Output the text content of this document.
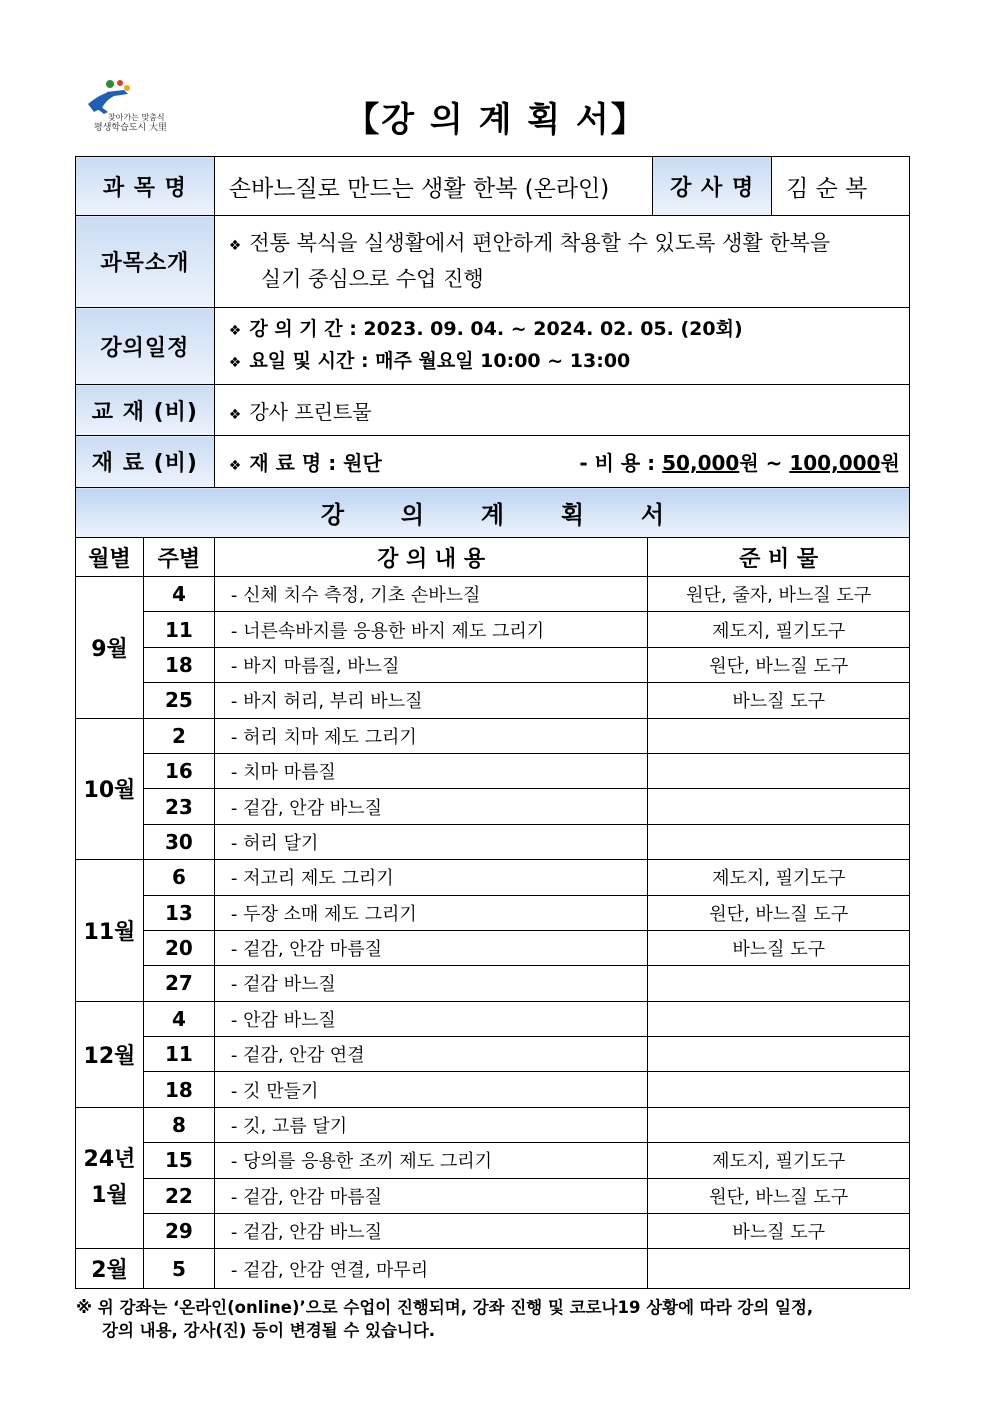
찾아가는 맞춤식
평생학습도시 大里	【강 의 계 획 서】
과 목 명	손바느질로 만드는 생활 한복 (온라인)	강 사 명	김 순 복
과목소개	❖ 전통 복식을 실생활에서 편안하게 착용할 수 있도록 생활 한복을
실기 중심으로 수업 진행		

강의일정	❖ 강 의 기 간 : 2023. 09. 04. ~ 2024. 02. 05. (20회)
❖ 요일 및 시간 : 매주 월요일 10:00 ~ 13:00		

교 재 (비)	❖ 강사 프린트물		
재 료 (비)	❖ 재 료 명 : 원단 - 비 용 : 50,000원 ~ 100,000원		
강 의 계 획 서			
월별	주별	강 의 내 용	준 비 물
9월	4	- 신체 치수 측정, 기초 손바느질	원단, 줄자, 바느질 도구
	11	- 너른속바지를 응용한 바지 제도 그리기	제도지, 필기도구
	18	- 바지 마름질, 바느질	원단, 바느질 도구
	25	- 바지 허리, 부리 바느질	바느질 도구
10월	2	- 허리 치마 제도 그리기	
	16	- 치마 마름질	
	23	- 겉감, 안감 바느질	
	30	- 허리 달기	
11월	6	- 저고리 제도 그리기	제도지, 필기도구
	13	- 두장 소매 제도 그리기	원단, 바느질 도구
	20	- 겉감, 안감 마름질	바느질 도구
	27	- 겉감 바느질	
12월	4	- 안감 바느질	
	11	- 겉감, 안감 연결	
	18	- 깃 만들기	

24년
1월	8	- 깃, 고름 달기	
	15	- 당의를 응용한 조끼 제도 그리기	제도지, 필기도구
	22	- 겉감, 안감 마름질	원단, 바느질 도구
	29	- 겉감, 안감 바느질	바느질 도구
2월	5	- 겉감, 안감 연결, 마무리	
※ 위 강좌는 ‘온라인(online)’으로 수업이 진행되며, 강좌 진행 및 코로나19 상황에 따라 강의 일정,
강의 내용, 강사(진) 등이 변경될 수 있습니다.
